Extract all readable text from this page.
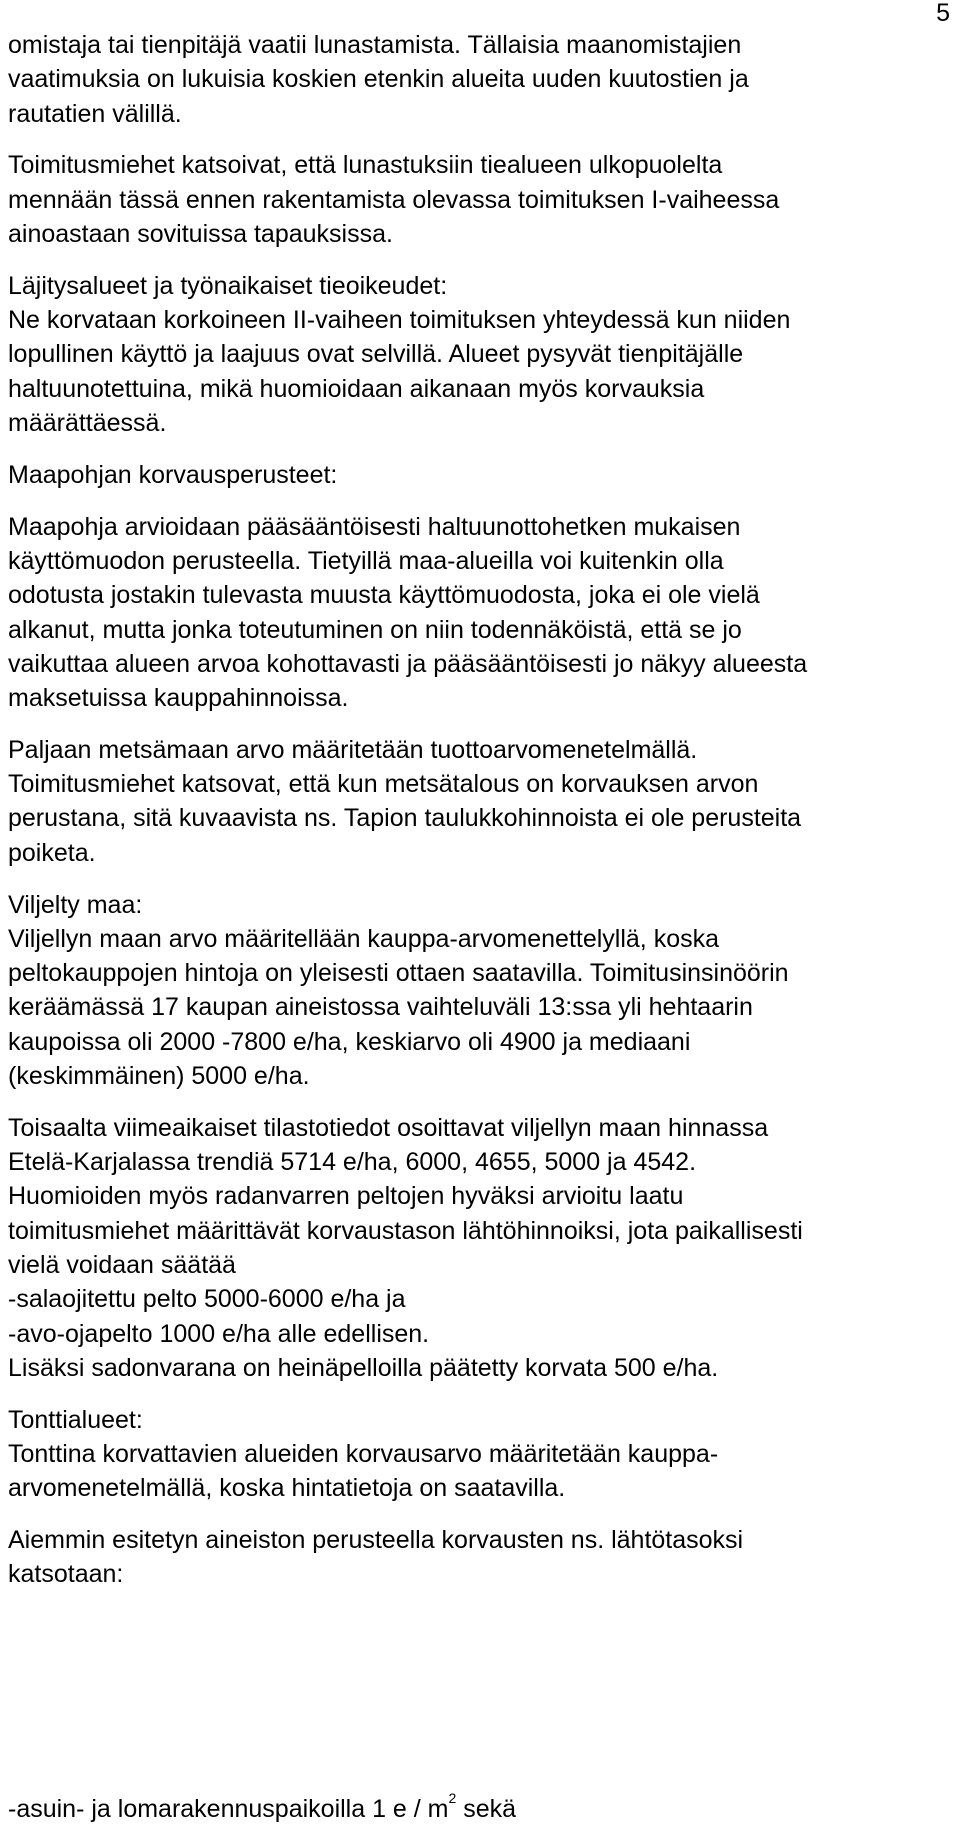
5
omistaja tai tienpitäjä vaatii lunastamista. Tällaisia maanomistajien
vaatimuksia on lukuisia koskien etenkin alueita uuden kuutostien ja
rautatien välillä.
Toimitusmiehet katsoivat, että lunastuksiin tiealueen ulkopuolelta
mennään tässä ennen rakentamista olevassa toimituksen I-vaiheessa
ainoastaan sovituissa tapauksissa.
Läjitysalueet ja työnaikaiset tieoikeudet:
Ne korvataan korkoineen II-vaiheen toimituksen yhteydessä kun niiden
lopullinen käyttö ja laajuus ovat selvillä. Alueet pysyvät tienpitäjälle
haltuunotettuina, mikä huomioidaan aikanaan myös korvauksia
määrättäessä.
Maapohjan korvausperusteet:
Maapohja arvioidaan pääsääntöisesti haltuunottohetken mukaisen
käyttömuodon perusteella. Tietyillä maa-alueilla voi kuitenkin olla
odotusta jostakin tulevasta muusta käyttömuodosta, joka ei ole vielä
alkanut, mutta jonka toteutuminen on niin todennäköistä, että se jo
vaikuttaa alueen arvoa kohottavasti ja pääsääntöisesti jo näkyy alueesta
maksetuissa kauppahinnoissa.
Paljaan metsämaan arvo määritetään tuottoarvomenetelmällä.
Toimitusmiehet katsovat, että kun metsätalous on korvauksen arvon
perustana, sitä kuvaavista ns. Tapion taulukkohinnoista ei ole perusteita
poiketa.
Viljelty maa:
Viljellyn maan arvo määritellään kauppa-arvomenettelyllä, koska
peltokauppojen hintoja on yleisesti ottaen saatavilla. Toimitusinsinöörin
keräämässä 17 kaupan aineistossa vaihteluväli 13:ssa yli hehtaarin
kaupoissa oli 2000 -7800 e/ha, keskiarvo oli 4900 ja mediaani
(keskimmäinen) 5000 e/ha.
Toisaalta viimeaikaiset tilastotiedot osoittavat viljellyn maan hinnassa
Etelä-Karjalassa trendiä 5714 e/ha, 6000, 4655, 5000 ja 4542.
Huomioiden myös radanvarren peltojen hyväksi arvioitu laatu
toimitusmiehet määrittävät korvaustason lähtöhinnoiksi, jota paikallisesti
vielä voidaan säätää
-salaojitettu pelto 5000-6000 e/ha ja
-avo-ojapelto 1000 e/ha alle edellisen.
Lisäksi sadonvarana on heinäpelloilla päätetty korvata 500 e/ha.
Tonttialueet:
Tonttina korvattavien alueiden korvausarvo määritetään kauppa-
arvomenetelmällä, koska hintatietoja on saatavilla.
Aiemmin esitetyn aineiston perusteella korvausten ns. lähtötasoksi
katsotaan:
-asuin- ja lomarakennuspaikoilla 1 e / $m^2$ sekä
